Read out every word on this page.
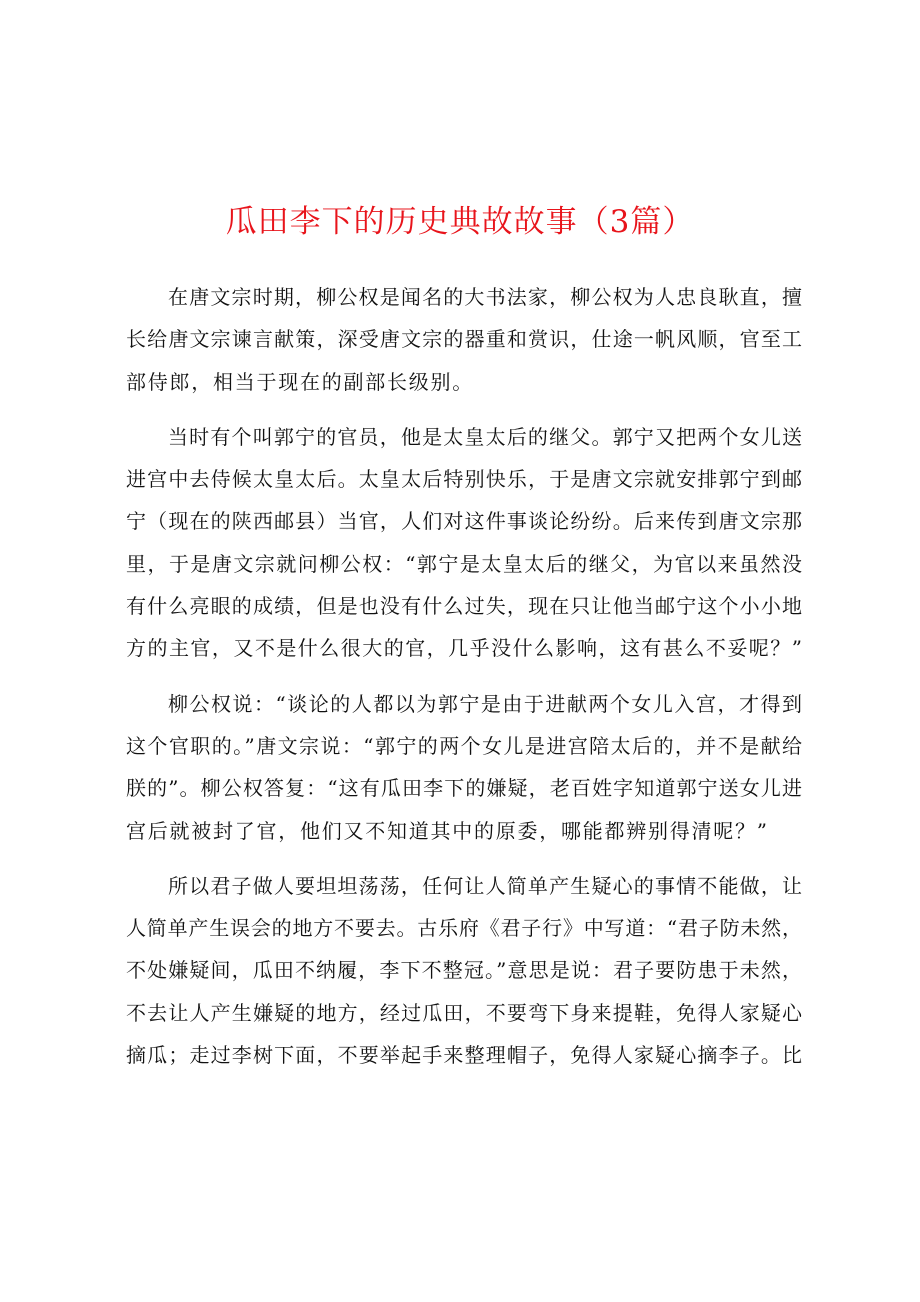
瓜田李下的历史典故故事（3篇）

在唐文宗时期，柳公权是闻名的大书法家，柳公权为人忠良耿直，擅
长给唐文宗谏言献策，深受唐文宗的器重和赏识，仕途一帆风顺，官至工
部侍郎，相当于现在的副部长级别。

当时有个叫郭宁的官员，他是太皇太后的继父。郭宁又把两个女儿送
进宫中去侍候太皇太后。太皇太后特别快乐，于是唐文宗就安排郭宁到邮
宁（现在的陕西邮县）当官，人们对这件事谈论纷纷。后来传到唐文宗那
里，于是唐文宗就问柳公权：“郭宁是太皇太后的继父，为官以来虽然没
有什么亮眼的成绩，但是也没有什么过失，现在只让他当邮宁这个小小地
方的主官，又不是什么很大的官，几乎没什么影响，这有甚么不妥呢？”

柳公权说：“谈论的人都以为郭宁是由于进献两个女儿入宫，才得到
这个官职的。”唐文宗说：“郭宁的两个女儿是进宫陪太后的，并不是献给
朕的”。柳公权答复：“这有瓜田李下的嫌疑，老百姓字知道郭宁送女儿进
宫后就被封了官，他们又不知道其中的原委，哪能都辨别得清呢？”

所以君子做人要坦坦荡荡，任何让人简单产生疑心的事情不能做，让
人简单产生误会的地方不要去。古乐府《君子行》中写道：“君子防未然，
不处嫌疑间，瓜田不纳履，李下不整冠。”意思是说：君子要防患于未然，
不去让人产生嫌疑的地方，经过瓜田，不要弯下身来提鞋，免得人家疑心
摘瓜；走过李树下面，不要举起手来整理帽子，免得人家疑心摘李子。比
